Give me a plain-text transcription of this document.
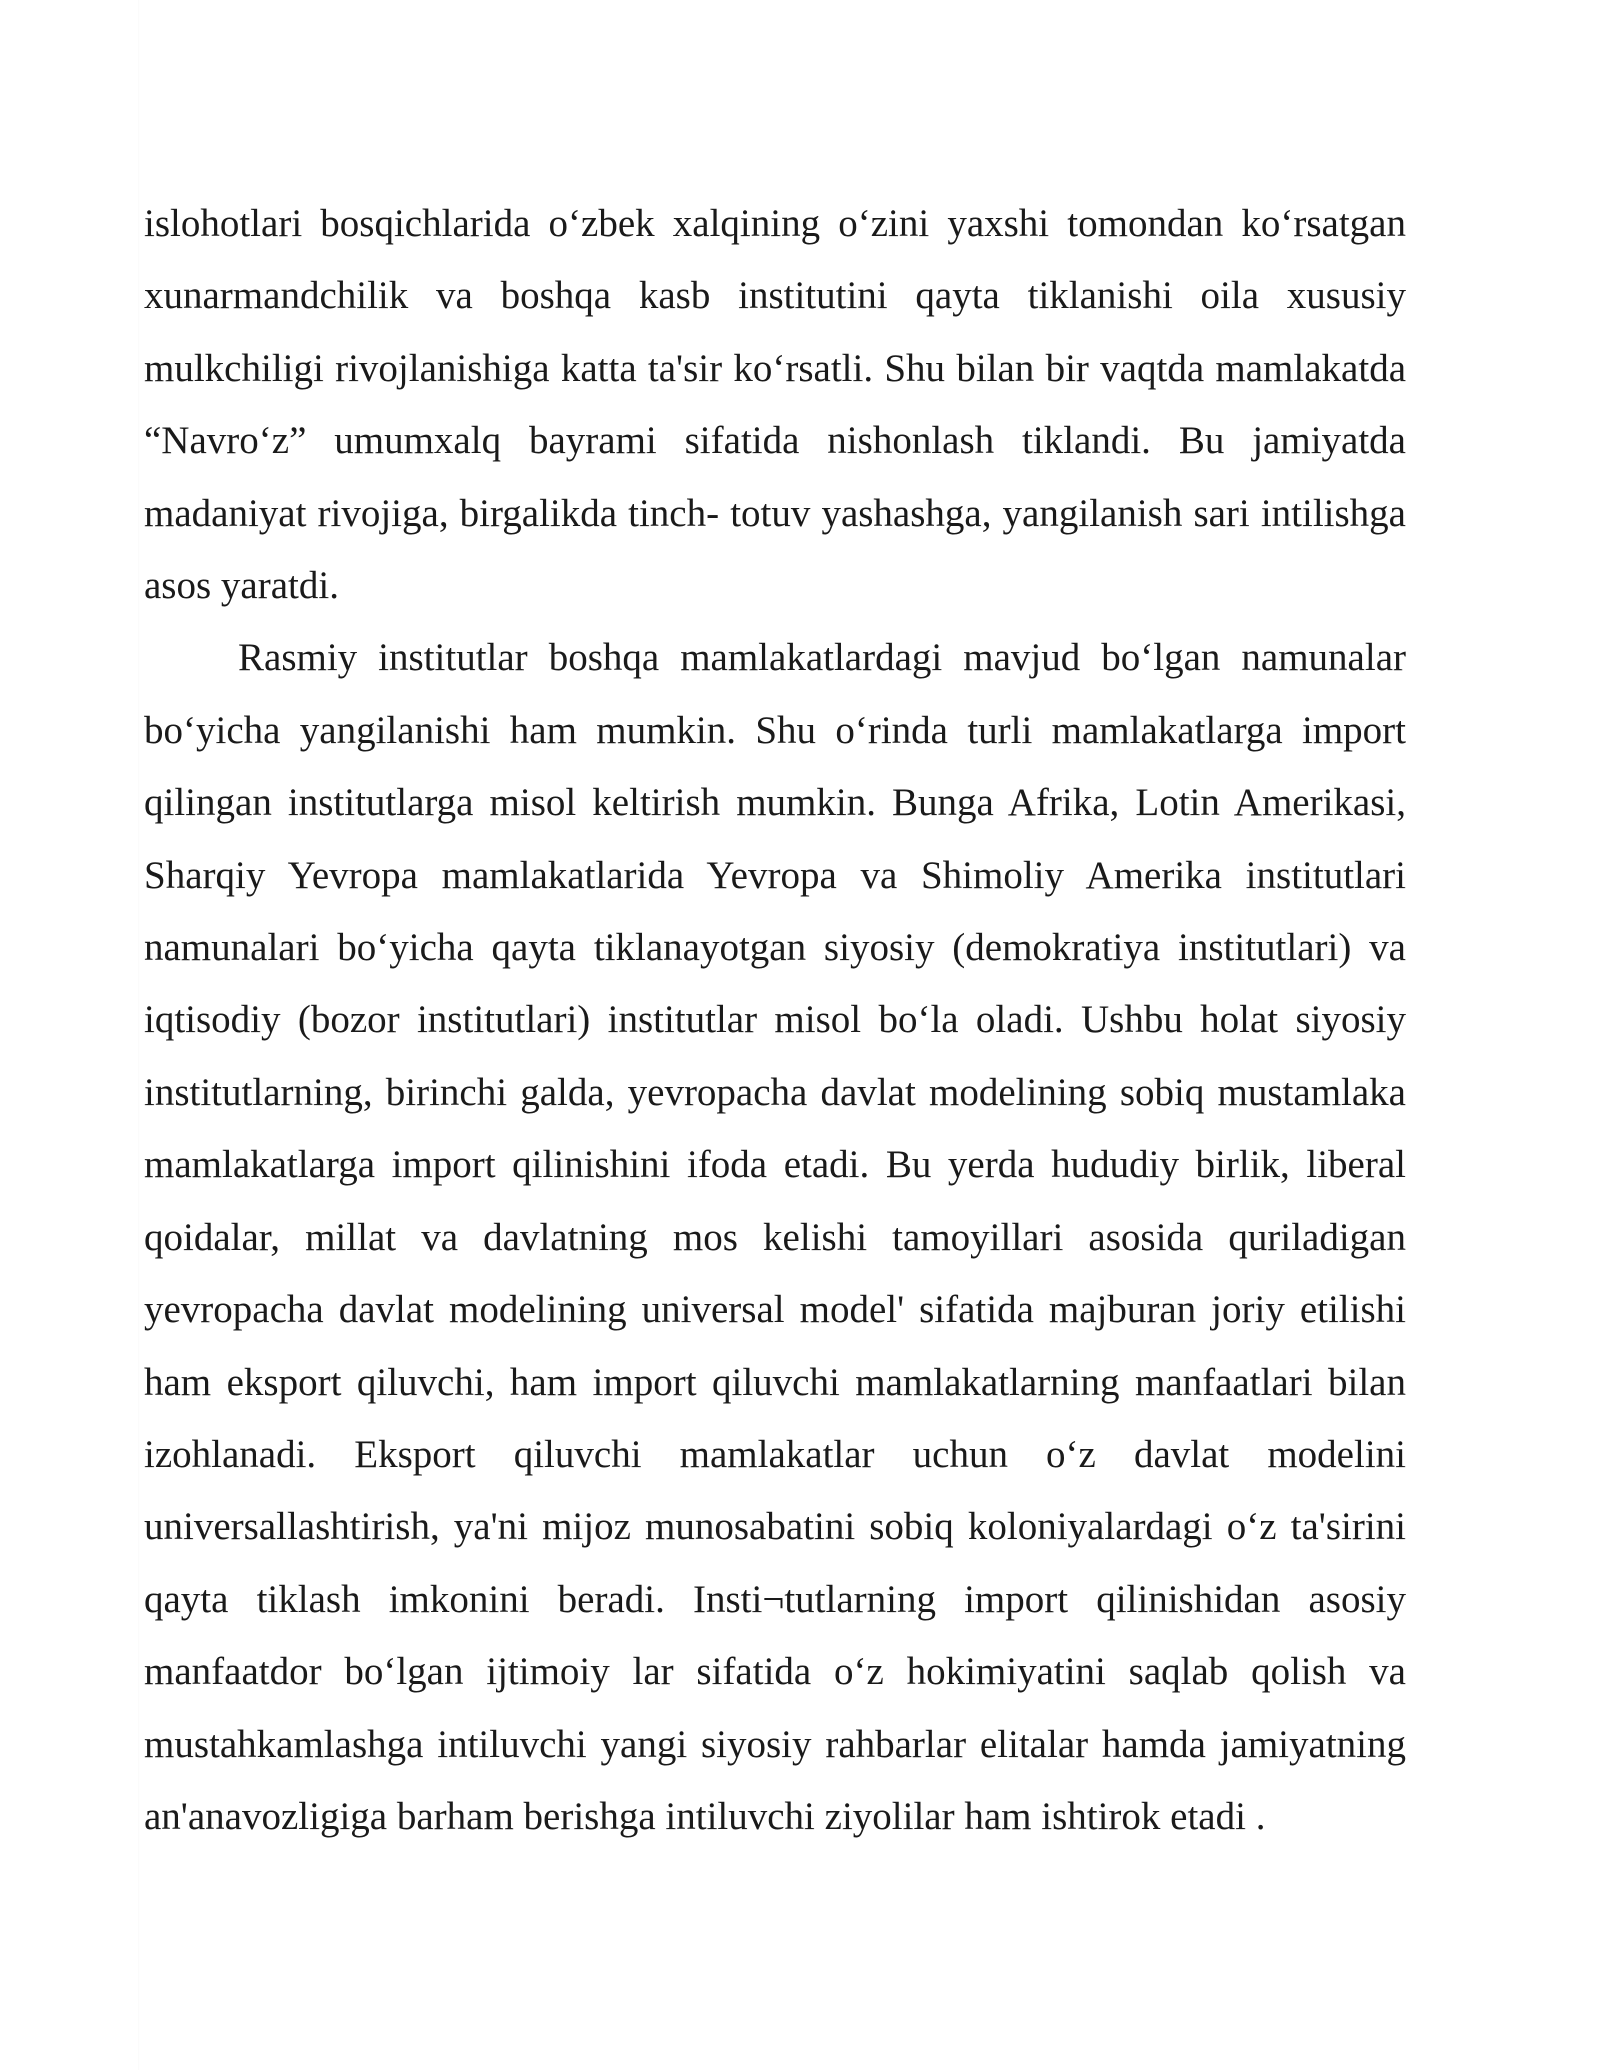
islohotlari bosqichlarida o‘zbek xalqining o‘zini yaxshi tomondan ko‘rsatgan xunarmandchilik va boshqa kasb institutini qayta tiklanishi oila xususiy mulkchiligi rivojlanishiga katta ta'sir ko‘rsatli. Shu bilan bir vaqtda mamlakatda “Navro‘z” umumxalq bayrami sifatida nishonlash tiklandi. Bu jamiyatda madaniyat rivojiga, birgalikda tinch- totuv yashashga, yangilanish sari intilishga asos yaratdi.

Rasmiy institutlar boshqa mamlakatlardagi mavjud bo‘lgan namunalar bo‘yicha yangilanishi ham mumkin. Shu o‘rinda turli mamlakatlarga import qilingan institutlarga misol keltirish mumkin. Bunga Afrika, Lotin Amerikasi, Sharqiy Yevropa mamlakatlarida Yevropa va Shimoliy Amerika institutlari namunalari bo‘yicha qayta tiklanayotgan siyosiy (demokratiya institutlari) va iqtisodiy (bozor institutlari) institutlar misol bo‘la oladi. Ushbu holat siyosiy institutlarning, birinchi galda, yevropacha davlat modelining sobiq mustamlaka mamlakatlarga import qilinishini ifoda etadi. Bu yerda hududiy birlik, liberal qoidalar, millat va davlatning mos kelishi tamoyillari asosida quriladigan yevropacha davlat modelining universal model' sifatida majburan joriy etilishi ham eksport qiluvchi, ham import qiluvchi mamlakatlarning manfaatlari bilan izohlanadi. Eksport qiluvchi mamlakatlar uchun o‘z davlat modelini universallashtirish, ya'ni mijoz munosabatini sobiq koloniyalardagi o‘z ta'sirini qayta tiklash imkonini beradi. Insti¬tutlarning import qilinishidan asosiy manfaatdor bo‘lgan ijtimoiy lar sifatida o‘z hokimiyatini saqlab qolish va mustahkamlashga intiluvchi yangi siyosiy rahbarlar elitalar hamda jamiyatning an'anavozligiga barham berishga intiluvchi ziyolilar ham ishtirok etadi .
